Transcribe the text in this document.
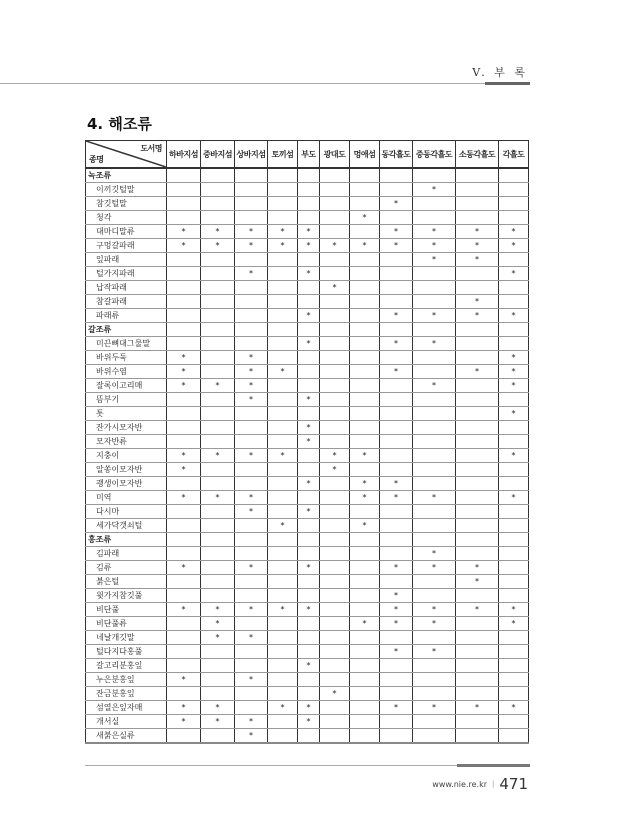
V. 부 록
4. 해조류
도서명
종명	하바지섬	중바지섬	상바지섬	토끼섬	부도	광대도	멍애섬	동각흘도	중동각흘도	소동각흘도	각흘도
녹조류											
이끼깃털말									*		
참깃털말								*			
청각							*				
대마디말류	*	*	*	*	*			*	*	*	*
구멍갈파래	*	*	*	*	*	*	*	*	*	*	*
잎파래									*	*	
털가지파래			*		*						*
납작파래						*					
참갈파래										*	
파래류					*			*	*	*	*
갈조류											
미끈뼈대그물말					*			*	*		
바위두둑	*		*								*
바위수염	*		*	*				*		*	*
잘록이고리매	*	*	*						*		*
뜸부기			*		*						
톳											*
잔가시모자반					*						
모자반류					*						
지충이	*	*	*	*		*	*				*
알쏭이모자반	*					*					
괭생이모자반					*		*	*			
미역	*	*	*				*	*	*		*
다시마			*		*						
세가닥갯쇠털				*			*				
홍조류											
김파래									*		
김류	*		*		*			*	*	*	
붉은털										*	
윗가지참깃풀								*			
비단풀	*	*	*	*	*			*	*	*	*
비단풀류		*					*	*	*		*
네날개깃말		*	*								
털다지다홍풀								*	*		
갈고리분홍잎					*						
누은분홍잎	*		*								
잔금분홍잎						*					
섬열은잎자매	*	*		*	*			*	*	*	*
개서실	*	*	*		*						
새붉은실류			*								
www.nie.re.kr | 471
